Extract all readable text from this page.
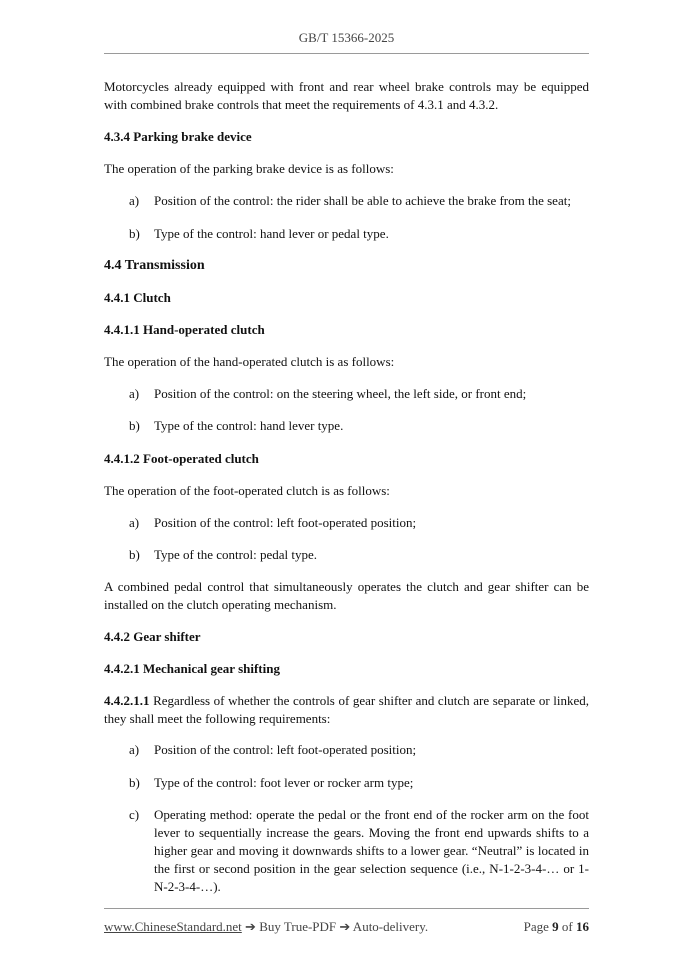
GB/T 15366-2025
Motorcycles already equipped with front and rear wheel brake controls may be equipped with combined brake controls that meet the requirements of 4.3.1 and 4.3.2.
4.3.4 Parking brake device
The operation of the parking brake device is as follows:
a) Position of the control: the rider shall be able to achieve the brake from the seat;
b) Type of the control: hand lever or pedal type.
4.4 Transmission
4.4.1 Clutch
4.4.1.1 Hand-operated clutch
The operation of the hand-operated clutch is as follows:
a) Position of the control: on the steering wheel, the left side, or front end;
b) Type of the control: hand lever type.
4.4.1.2 Foot-operated clutch
The operation of the foot-operated clutch is as follows:
a) Position of the control: left foot-operated position;
b) Type of the control: pedal type.
A combined pedal control that simultaneously operates the clutch and gear shifter can be installed on the clutch operating mechanism.
4.4.2 Gear shifter
4.4.2.1 Mechanical gear shifting
4.4.2.1.1 Regardless of whether the controls of gear shifter and clutch are separate or linked, they shall meet the following requirements:
a) Position of the control: left foot-operated position;
b) Type of the control: foot lever or rocker arm type;
c) Operating method: operate the pedal or the front end of the rocker arm on the foot lever to sequentially increase the gears. Moving the front end upwards shifts to a higher gear and moving it downwards shifts to a lower gear. “Neutral” is located in the first or second position in the gear selection sequence (i.e., N-1-2-3-4-… or 1-N-2-3-4-…).
www.ChineseStandard.net ➔ Buy True-PDF ➔ Auto-delivery.	Page 9 of 16
